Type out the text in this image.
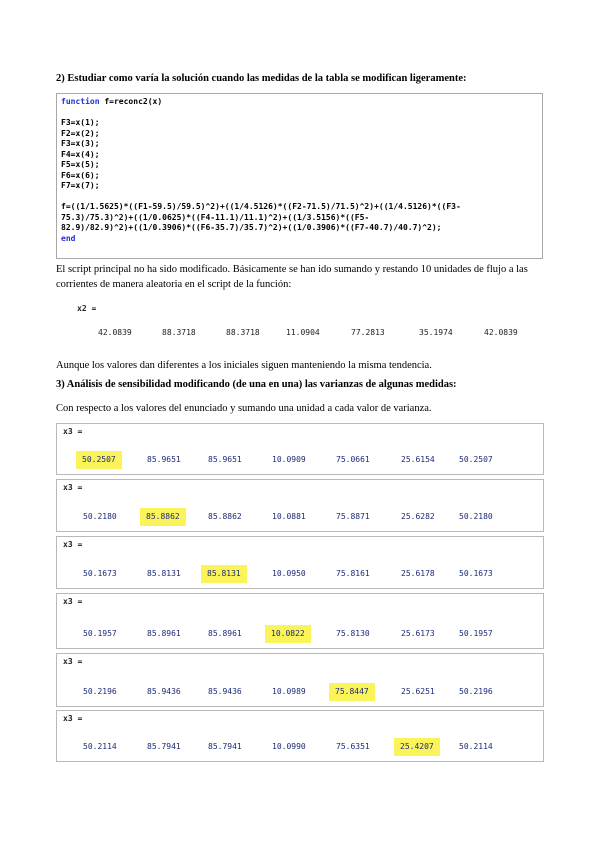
2) Estudiar como varía la solución cuando las medidas de la tabla se modifican ligeramente:
function f=reconc2(x)
F3=x(1);
F2=x(2);
F3=x(3);
F4=x(4);
F5=x(5);
F6=x(6);
F7=x(7);
f=((1/1.5625)*((F1-59.5)/59.5)^2)+((1/4.5126)*((F2-71.5)/71.5)^2)+((1/4.5126)*((F3-
75.3)/75.3)^2)+((1/0.0625)*((F4-11.1)/11.1)^2)+((1/3.5156)*((F5-
82.9)/82.9)^2)+((1/0.3906)*((F6-35.7)/35.7)^2)+((1/0.3906)*((F7-40.7)/40.7)^2);
end
El script principal no ha sido modificado. Básicamente se han ido sumando y restando 10 unidades de flujo a las corrientes de manera aleatoria en el script de la función:
x2 =
42.0839	88.3718	88.3718	11.0904	77.2813	35.1974	42.0839
Aunque los valores dan diferentes a los iniciales siguen manteniendo la misma tendencia.
3) Análisis de sensibilidad modificando (de una en una) las varianzas de algunas medidas:
Con respecto a los valores del enunciado y sumando una unidad a cada valor de varianza.
x3 =
50.2507	85.9651	85.9651	10.0909	75.0661	25.6154	50.2507
x3 =
50.2180	85.8862	85.8862	10.0881	75.8871	25.6282	50.2180
x3 =
50.1673	85.8131	85.8131	10.0950	75.8161	25.6178	50.1673
x3 =
50.1957	85.8961	85.8961	10.0822	75.8130	25.6173	50.1957
x3 =
50.2196	85.9436	85.9436	10.0989	75.8447	25.6251	50.2196
x3 =
50.2114	85.7941	85.7941	10.0990	75.6351	25.4207	50.2114
